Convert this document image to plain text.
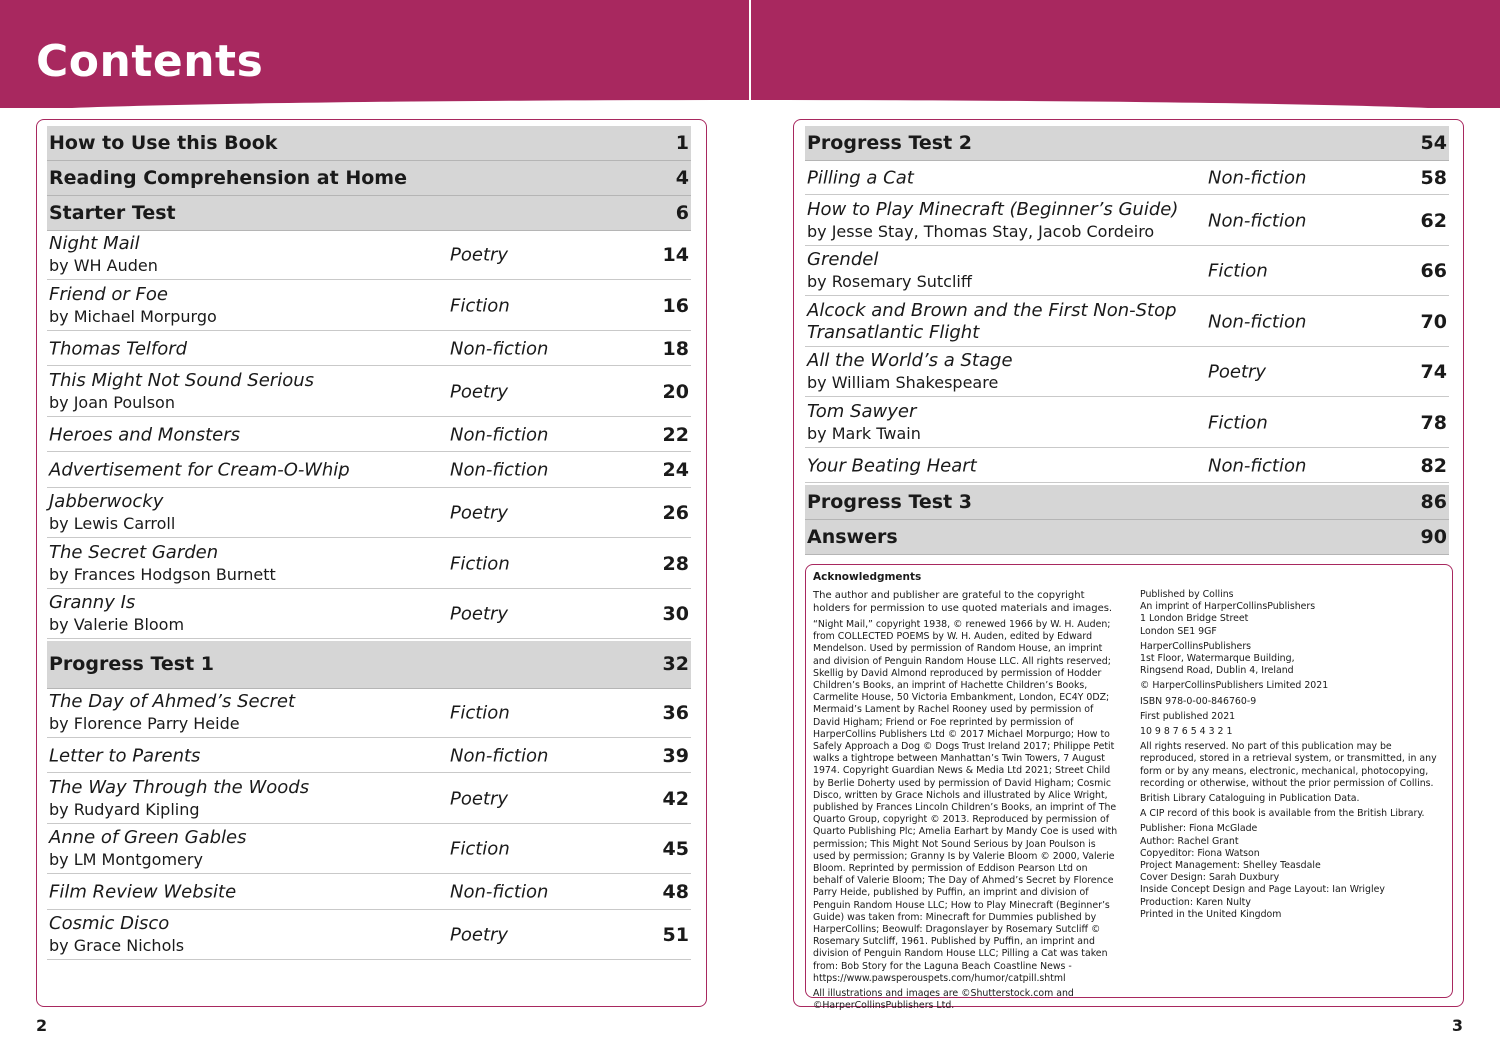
Contents
How to Use this Book	1
Reading Comprehension at Home	4
Starter Test	6
Night Mail
by WH Auden	Poetry	14
Friend or Foe
by Michael Morpurgo	Fiction	16
Thomas Telford	Non-fiction	18
This Might Not Sound Serious
by Joan Poulson	Poetry	20
Heroes and Monsters	Non-fiction	22
Advertisement for Cream-O-Whip	Non-fiction	24
Jabberwocky
by Lewis Carroll	Poetry	26
The Secret Garden
by Frances Hodgson Burnett	Fiction	28
Granny Is
by Valerie Bloom	Poetry	30
Progress Test 1	32
The Day of Ahmed’s Secret
by Florence Parry Heide	Fiction	36
Letter to Parents	Non-fiction	39
The Way Through the Woods
by Rudyard Kipling	Poetry	42
Anne of Green Gables
by LM Montgomery	Fiction	45
Film Review Website	Non-fiction	48
Cosmic Disco
by Grace Nichols	Poetry	51
Progress Test 2	54
Pilling a Cat	Non-fiction	58
How to Play Minecraft (Beginner’s Guide)
by Jesse Stay, Thomas Stay, Jacob Cordeiro	Non-fiction	62
Grendel
by Rosemary Sutcliff	Fiction	66
Alcock and Brown and the First Non-Stop
Transatlantic Flight	Non-fiction	70
All the World’s a Stage
by William Shakespeare	Poetry	74
Tom Sawyer
by Mark Twain	Fiction	78
Your Beating Heart	Non-fiction	82
Progress Test 3	86
Answers	90
Acknowledgments

The author and publisher are grateful to the copyright holders for permission to use quoted materials and images.

“Night Mail,” copyright 1938, © renewed 1966 by W. H. Auden; from COLLECTED POEMS by W. H. Auden, edited by Edward Mendelson. Used by permission of Random House, an imprint and division of Penguin Random House LLC. All rights reserved; Skellig by David Almond reproduced by permission of Hodder Children’s Books, an imprint of Hachette Children’s Books, Carmelite House, 50 Victoria Embankment, London, EC4Y 0DZ; Mermaid’s Lament by Rachel Rooney used by permission of David Higham; Friend or Foe reprinted by permission of HarperCollins Publishers Ltd © 2017 Michael Morpurgo; How to Safely Approach a Dog © Dogs Trust Ireland 2017; Philippe Petit walks a tightrope between Manhattan’s Twin Towers, 7 August 1974. Copyright Guardian News & Media Ltd 2021; Street Child by Berlie Doherty used by permission of David Higham; Cosmic Disco, written by Grace Nichols and illustrated by Alice Wright, published by Frances Lincoln Children’s Books, an imprint of The Quarto Group, copyright © 2013. Reproduced by permission of Quarto Publishing Plc; Amelia Earhart by Mandy Coe is used with permission; This Might Not Sound Serious by Joan Poulson is used by permission; Granny Is by Valerie Bloom © 2000, Valerie Bloom. Reprinted by permission of Eddison Pearson Ltd on behalf of Valerie Bloom; The Day of Ahmed’s Secret by Florence Parry Heide, published by Puffin, an imprint and division of Penguin Random House LLC; How to Play Minecraft (Beginner’s Guide) was taken from: Minecraft for Dummies published by HarperCollins; Beowulf: Dragonslayer by Rosemary Sutcliff © Rosemary Sutcliff, 1961. Published by Puffin, an imprint and division of Penguin Random House LLC; Pilling a Cat was taken from: Bob Story for the Laguna Beach Coastline News - https://www.pawsperouspets.com/humor/catpill.shtml

All illustrations and images are ©Shutterstock.com and ©HarperCollinsPublishers Ltd.

Published by Collins
An imprint of HarperCollinsPublishers
1 London Bridge Street
London SE1 9GF

HarperCollinsPublishers
1st Floor, Watermarque Building,
Ringsend Road, Dublin 4, Ireland

© HarperCollinsPublishers Limited 2021

ISBN 978-0-00-846760-9

First published 2021

10 9 8 7 6 5 4 3 2 1

All rights reserved. No part of this publication may be reproduced, stored in a retrieval system, or transmitted, in any form or by any means, electronic, mechanical, photocopying, recording or otherwise, without the prior permission of Collins.

British Library Cataloguing in Publication Data.

A CIP record of this book is available from the British Library.

Publisher: Fiona McGlade
Author: Rachel Grant
Copyeditor: Fiona Watson
Project Management: Shelley Teasdale
Cover Design: Sarah Duxbury
Inside Concept Design and Page Layout: Ian Wrigley
Production: Karen Nulty
Printed in the United Kingdom

2	3
